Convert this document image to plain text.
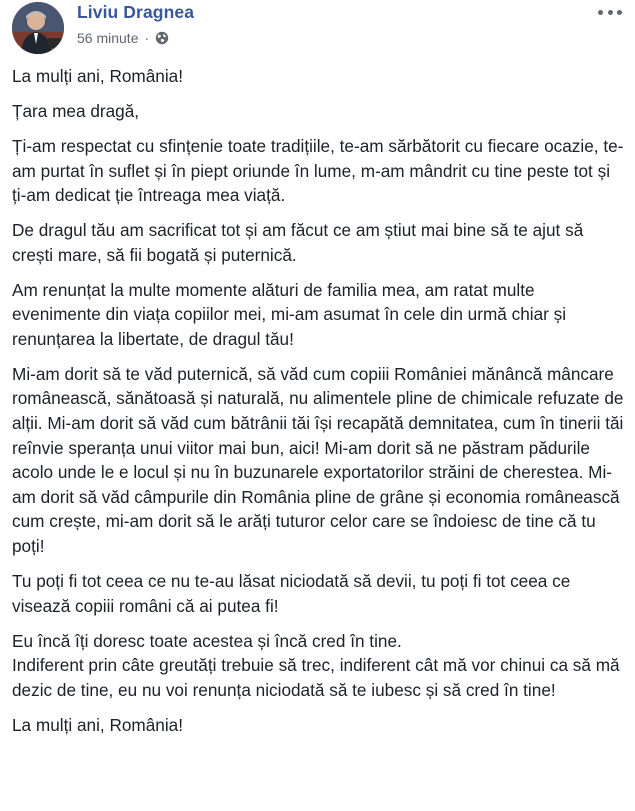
Liviu Dragnea
56 minute ·

La mulți ani, România!

Țara mea dragă,

Ți-am respectat cu sfințenie toate tradițiile, te-am sărbătorit cu fiecare ocazie, te-am purtat în suflet și în piept oriunde în lume, m-am mândrit cu tine peste tot și ți-am dedicat ție întreaga mea viață.

De dragul tău am sacrificat tot și am făcut ce am știut mai bine să te ajut să crești mare, să fii bogată și puternică.

Am renunțat la multe momente alături de familia mea, am ratat multe evenimente din viața copiilor mei, mi-am asumat în cele din urmă chiar și renunțarea la libertate, de dragul tău!

Mi-am dorit să te văd puternică, să văd cum copiii României mănâncă mâncare românească, sănătoasă și naturală, nu alimentele pline de chimicale refuzate de alții. Mi-am dorit să văd cum bătrânii tăi își recapătă demnitatea, cum în tinerii tăi reînvie speranța unui viitor mai bun, aici! Mi-am dorit să ne păstram pădurile acolo unde le e locul și nu în buzunarele exportatorilor străini de cherestea. Mi-am dorit să văd câmpurile din România pline de grâne și economia românească cum crește, mi-am dorit să le arăți tuturor celor care se îndoiesc de tine că tu poți!

Tu poți fi tot ceea ce nu te-au lăsat niciodată să devii, tu poți fi tot ceea ce visează copiii români că ai putea fi!

Eu încă îți doresc toate acestea și încă cred în tine.

Indiferent prin câte greutăți trebuie să trec, indiferent cât mă vor chinui ca să mă dezic de tine, eu nu voi renunța niciodată să te iubesc și să cred în tine!

La mulți ani, România!
